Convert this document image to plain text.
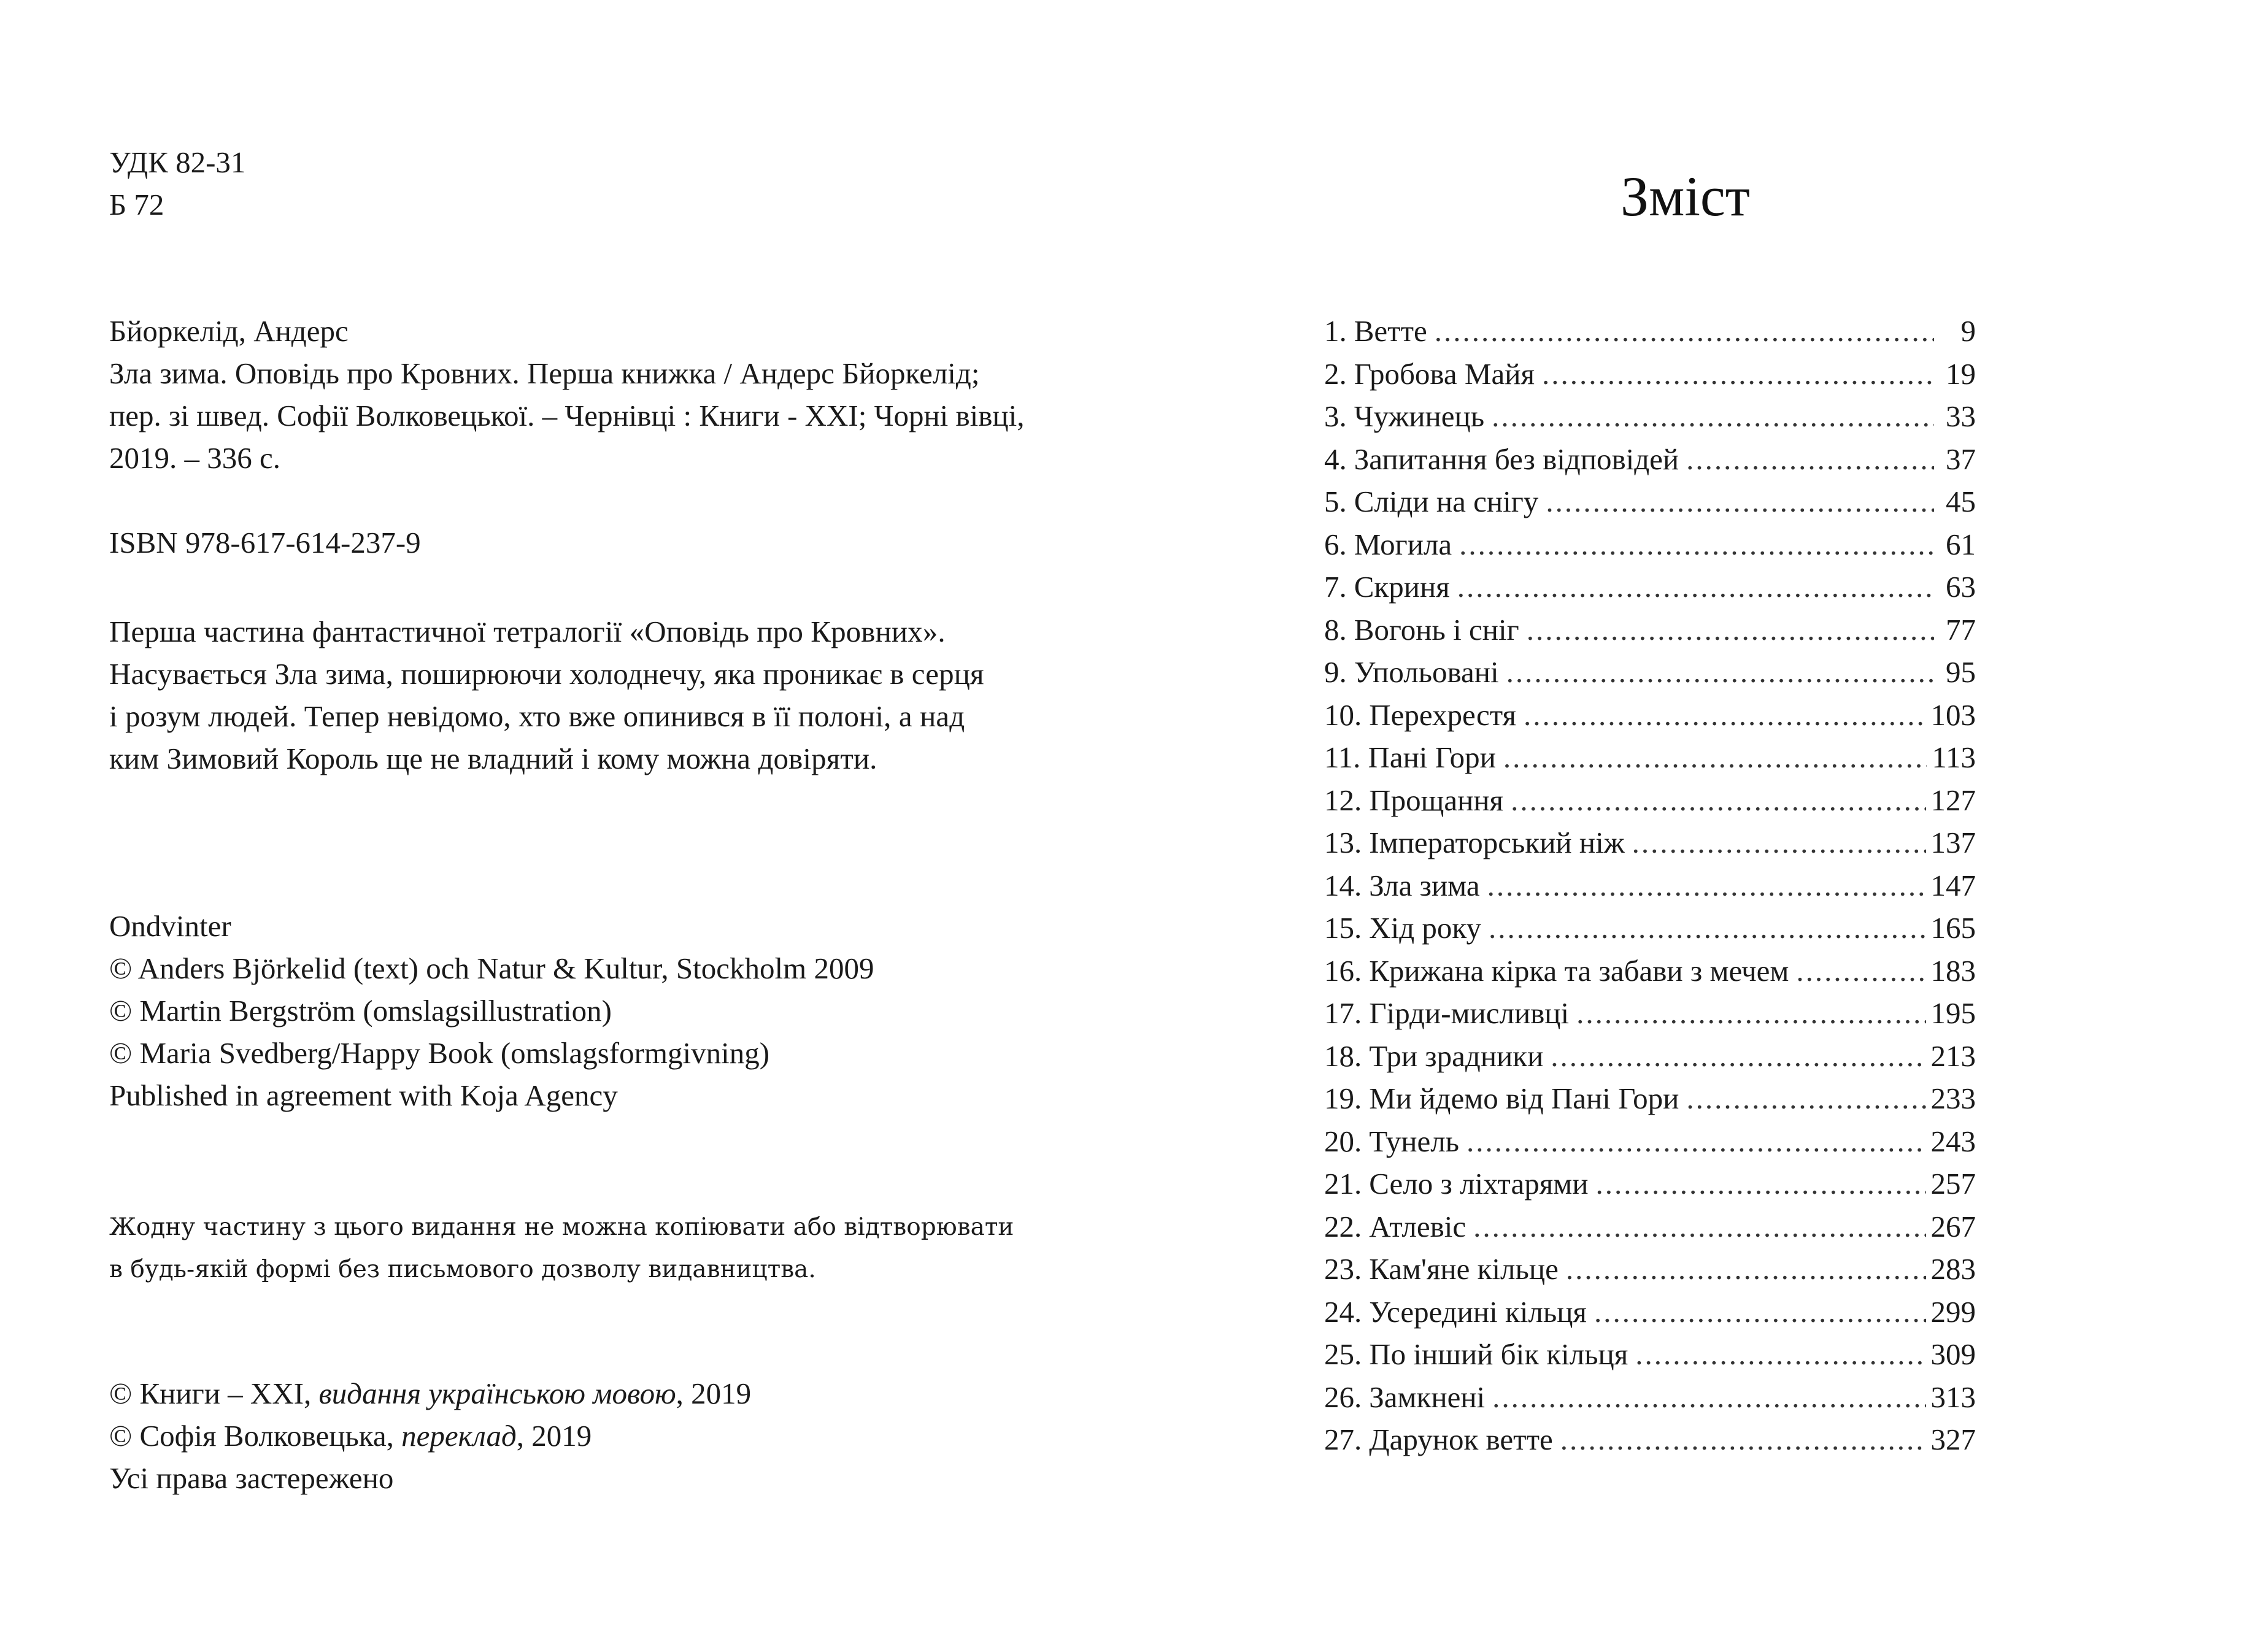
УДК 82-31
Б 72
Бйоркелід, Андерс
Зла зима. Оповідь про Кровних. Перша книжка / Андерс Бйоркелід;
пер. зі швед. Софії Волковецької. – Чернівці : Книги - ХХІ; Чорні вівці,
2019. – 336 с.
ISBN 978-617-614-237-9
Перша частина фантастичної тетралогії «Оповідь про Кровних».
Насувається Зла зима, поширюючи холоднечу, яка проникає в серця
і розум людей. Тепер невідомо, хто вже опинився в її полоні, а над
ким Зимовий Король ще не владний і кому можна довіряти.
Ondvinter
© Anders Björkelid (text) och Natur & Kultur, Stockholm 2009
© Martin Bergström (omslagsillustration)
© Maria Svedberg/Happy Book (omslagsformgivning)
Published in agreement with Koja Agency
Жодну частину з цього видання не можна копіювати або відтворювати
в будь-якій формі без письмового дозволу видавництва.
© Книги – ХХІ, видання українською мовою, 2019
© Софія Волковецька, переклад, 2019
Усі права застережено
Зміст
1. Ветте .....	9
2. Гробова Майя .....	19
3. Чужинець .....	33
4. Запитання без відповідей .....	37
5. Сліди на снігу .....	45
6. Могила .....	61
7. Скриня .....	63
8. Вогонь і сніг .....	77
9. Упольовані .....	95
10. Перехрестя .....	103
11. Пані Гори .....	113
12. Прощання .....	127
13. Імператорський ніж .....	137
14. Зла зима .....	147
15. Хід року .....	165
16. Крижана кірка та забави з мечем .....	183
17. Гірди-мисливці .....	195
18. Три зрадники .....	213
19. Ми йдемо від Пані Гори .....	233
20. Тунель .....	243
21. Село з ліхтарями .....	257
22. Атлевіс .....	267
23. Кам'яне кільце .....	283
24. Усередині кільця .....	299
25. По інший бік кільця .....	309
26. Замкнені .....	313
27. Дарунок ветте .....	327
